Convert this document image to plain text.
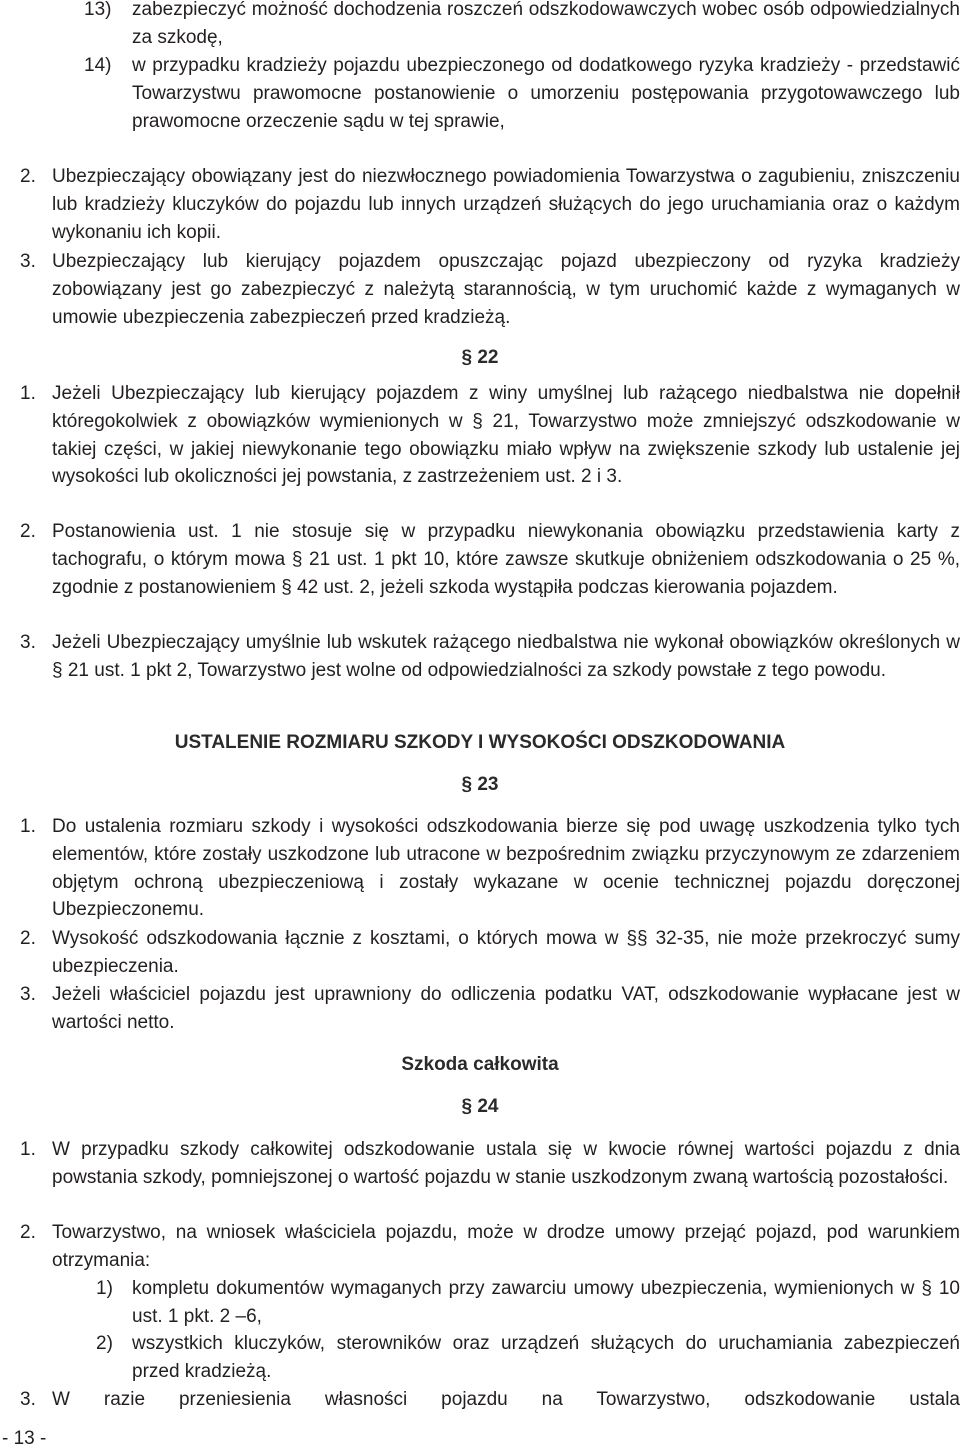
13) zabezpieczyć możność dochodzenia roszczeń odszkodowawczych wobec osób odpowiedzialnych za szkodę,
14) w przypadku kradzieży pojazdu ubezpieczonego od dodatkowego ryzyka kradzieży - przedstawić Towarzystwu prawomocne postanowienie o umorzeniu postępowania przygotowawczego lub prawomocne orzeczenie sądu w tej sprawie,
2. Ubezpieczający obowiązany jest do niezwłocznego powiadomienia Towarzystwa o zagubieniu, zniszczeniu lub kradzieży kluczyków do pojazdu lub innych urządzeń służących do jego uruchamiania oraz o każdym wykonaniu ich kopii.
3. Ubezpieczający lub kierujący pojazdem opuszczając pojazd ubezpieczony od ryzyka kradzieży zobowiązany jest go zabezpieczyć z należytą starannością, w tym uruchomić każde z wymaganych w umowie ubezpieczenia zabezpieczeń przed kradzieżą.
§ 22
1. Jeżeli Ubezpieczający lub kierujący pojazdem z winy umyślnej lub rażącego niedbalstwa nie dopełnił któregokolwiek z obowiązków wymienionych w § 21, Towarzystwo może zmniejszyć odszkodowanie w takiej części, w jakiej niewykonanie tego obowiązku miało wpływ na zwiększenie szkody lub ustalenie jej wysokości lub okoliczności jej powstania, z zastrzeżeniem ust. 2 i 3.
2. Postanowienia ust. 1 nie stosuje się w przypadku niewykonania obowiązku przedstawienia karty z tachografu, o którym mowa § 21 ust. 1 pkt 10, które zawsze skutkuje obniżeniem odszkodowania o 25 %, zgodnie z postanowieniem § 42 ust. 2, jeżeli szkoda wystąpiła podczas kierowania pojazdem.
3. Jeżeli Ubezpieczający umyślnie lub wskutek rażącego niedbalstwa nie wykonał obowiązków określonych w § 21 ust. 1 pkt 2, Towarzystwo jest wolne od odpowiedzialności za szkody powstałe z tego powodu.
USTALENIE ROZMIARU SZKODY I WYSOKOŚCI ODSZKODOWANIA
§ 23
1. Do ustalenia rozmiaru szkody i wysokości odszkodowania bierze się pod uwagę uszkodzenia tylko tych elementów, które zostały uszkodzone lub utracone w bezpośrednim związku przyczynowym ze zdarzeniem objętym ochroną ubezpieczeniową i zostały wykazane w ocenie technicznej pojazdu doręczonej Ubezpieczonemu.
2. Wysokość odszkodowania łącznie z kosztami, o których mowa w §§ 32-35, nie może przekroczyć sumy ubezpieczenia.
3. Jeżeli właściciel pojazdu jest uprawniony do odliczenia podatku VAT, odszkodowanie wypłacane jest w wartości netto.
Szkoda całkowita
§ 24
1. W przypadku szkody całkowitej odszkodowanie ustala się w kwocie równej wartości pojazdu z dnia powstania szkody, pomniejszonej o wartość pojazdu w stanie uszkodzonym zwaną wartością pozostałości.
2. Towarzystwo, na wniosek właściciela pojazdu, może w drodze umowy przejąć pojazd, pod warunkiem otrzymania:
1) kompletu dokumentów wymaganych przy zawarciu umowy ubezpieczenia, wymienionych w § 10 ust. 1 pkt. 2 –6,
2) wszystkich kluczyków, sterowników oraz urządzeń służących do uruchamiania zabezpieczeń przed kradzieżą.
3. W razie przeniesienia własności pojazdu na Towarzystwo, odszkodowanie ustala
- 13 -
